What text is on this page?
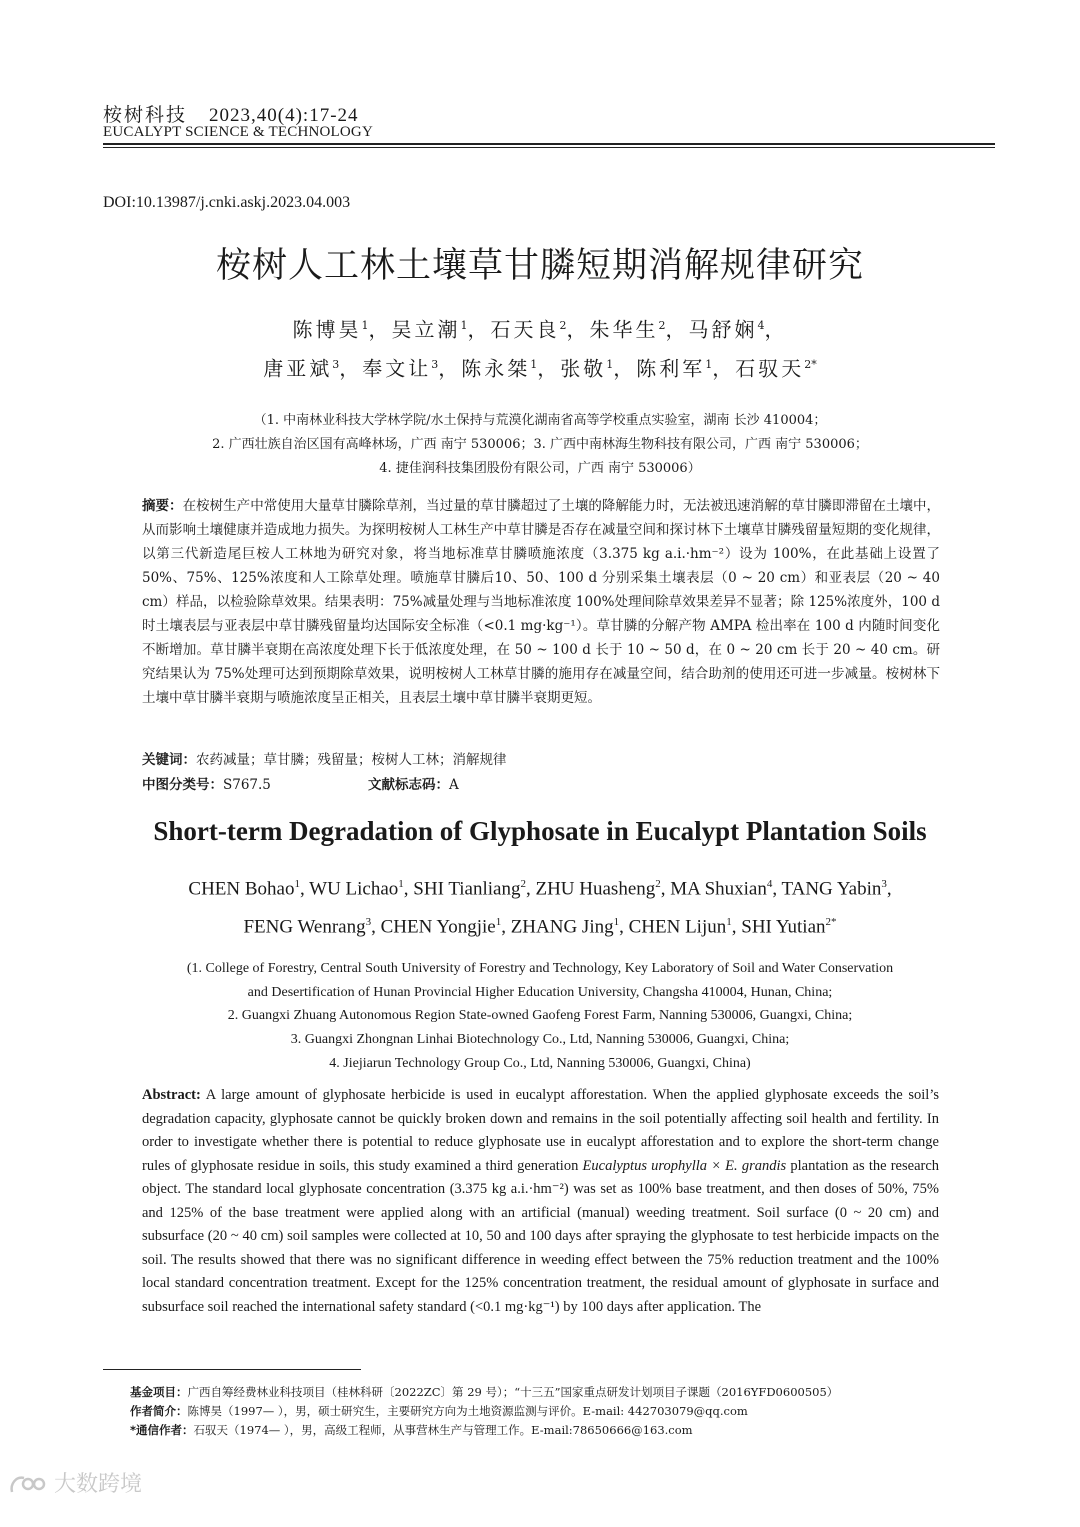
桉树科技 2023,40(4):17-24
EUCALYPT SCIENCE & TECHNOLOGY
DOI:10.13987/j.cnki.askj.2023.04.003
桉树人工林土壤草甘膦短期消解规律研究
陈博昊$^1$，吴立潮$^1$，石天良$^2$，朱华生$^2$，马舒娴$^4$，
唐亚斌$^3$，奉文让$^3$，陈永桀$^1$，张敬$^1$，陈利军$^1$，石驭天$^{2*}$
（1. 中南林业科技大学林学院/水土保持与荒漠化湖南省高等学校重点实验室，湖南 长沙 410004；
2. 广西壮族自治区国有高峰林场，广西 南宁 530006；3. 广西中南林海生物科技有限公司，广西 南宁 530006；
4. 捷佳润科技集团股份有限公司，广西 南宁 530006）
摘要：在桉树生产中常使用大量草甘膦除草剂，当过量的草甘膦超过了土壤的降解能力时，无法被迅速消解的草甘膦即滞留在土壤中，从而影响土壤健康并造成地力损失。为探明桉树人工林生产中草甘膦是否存在减量空间和探讨林下土壤草甘膦残留量短期的变化规律，以第三代新造尾巨桉人工林地为研究对象，将当地标准草甘膦喷施浓度（3.375 kg a.i.·hm⁻²）设为 100%，在此基础上设置了 50%、75%、125%浓度和人工除草处理。喷施草甘膦后10、50、100 d 分别采集土壤表层（0 ~ 20 cm）和亚表层（20 ~ 40 cm）样品，以检验除草效果。结果表明：75%减量处理与当地标准浓度 100%处理间除草效果差异不显著；除 125%浓度外，100 d 时土壤表层与亚表层中草甘膦残留量均达国际安全标准（<0.1 mg·kg⁻¹）。草甘膦的分解产物 AMPA 检出率在 100 d 内随时间变化不断增加。草甘膦半衰期在高浓度处理下长于低浓度处理，在 50 ~ 100 d 长于 10 ~ 50 d，在 0 ~ 20 cm 长于 20 ~ 40 cm。研究结果认为 75%处理可达到预期除草效果，说明桉树人工林草甘膦的施用存在减量空间，结合助剂的使用还可进一步减量。桉树林下土壤中草甘膦半衰期与喷施浓度呈正相关，且表层土壤中草甘膦半衰期更短。
关键词：农药减量；草甘膦；残留量；桉树人工林；消解规律
中图分类号：S767.5	文献标志码：A
Short-term Degradation of Glyphosate in Eucalypt Plantation Soils
CHEN Bohao$^1$, WU Lichao$^1$, SHI Tianliang$^2$, ZHU Huasheng$^2$, MA Shuxian$^4$, TANG Yabin$^3$,
FENG Wenrang$^3$, CHEN Yongjie$^1$, ZHANG Jing$^1$, CHEN Lijun$^1$, SHI Yutian$^{2*}$
(1. College of Forestry, Central South University of Forestry and Technology, Key Laboratory of Soil and Water Conservation
and Desertification of Hunan Provincial Higher Education University, Changsha 410004, Hunan, China;
2. Guangxi Zhuang Autonomous Region State-owned Gaofeng Forest Farm, Nanning 530006, Guangxi, China;
3. Guangxi Zhongnan Linhai Biotechnology Co., Ltd, Nanning 530006, Guangxi, China;
4. Jiejiarun Technology Group Co., Ltd, Nanning 530006, Guangxi, China)
Abstract: A large amount of glyphosate herbicide is used in eucalypt afforestation. When the applied glyphosate exceeds the soil’s degradation capacity, glyphosate cannot be quickly broken down and remains in the soil potentially affecting soil health and fertility. In order to investigate whether there is potential to reduce glyphosate use in eucalypt afforestation and to explore the short-term change rules of glyphosate residue in soils, this study examined a third generation Eucalyptus urophylla × E. grandis plantation as the research object. The standard local glyphosate concentration (3.375 kg a.i.·hm⁻²) was set as 100% base treatment, and then doses of 50%, 75% and 125% of the base treatment were applied along with an artificial (manual) weeding treatment. Soil surface (0 ~ 20 cm) and subsurface (20 ~ 40 cm) soil samples were collected at 10, 50 and 100 days after spraying the glyphosate to test herbicide impacts on the soil. The results showed that there was no significant difference in weeding effect between the 75% reduction treatment and the 100% local standard concentration treatment. Except for the 125% concentration treatment, the residual amount of glyphosate in surface and subsurface soil reached the international safety standard (<0.1 mg·kg⁻¹) by 100 days after application. The
基金项目：广西自筹经费林业科技项目（桂林科研〔2022ZC〕第 29 号）；“十三五”国家重点研发计划项目子课题（2016YFD0600505）
作者简介：陈博昊（1997— ），男，硕士研究生，主要研究方向为土地资源监测与评价。E-mail: 442703079@qq.com
*通信作者：石驭天（1974— ），男，高级工程师，从事营林生产与管理工作。E-mail:78650666@163.com
大数跨境
